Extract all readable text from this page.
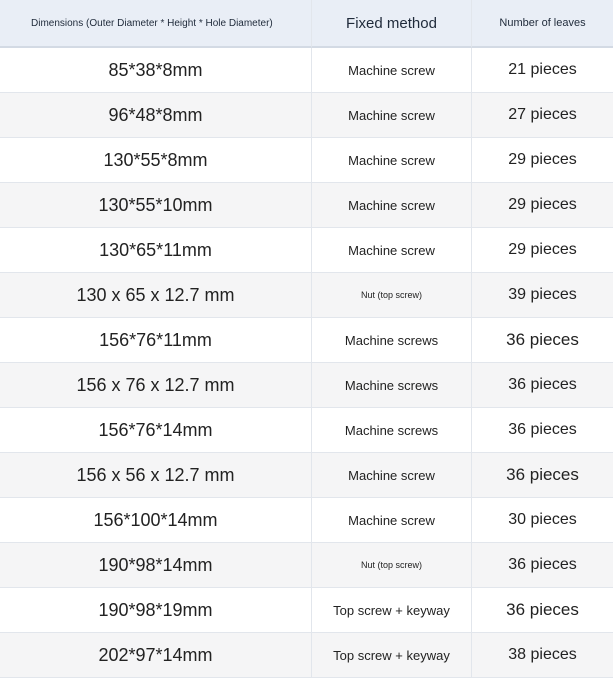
Dimensions (Outer Diameter * Height * Hole Diameter)	Fixed method	Number of leaves
85*38*8mm	Machine screw	21 pieces
96*48*8mm	Machine screw	27 pieces
130*55*8mm	Machine screw	29 pieces
130*55*10mm	Machine screw	29 pieces
130*65*11mm	Machine screw	29 pieces
130 x 65 x 12.7 mm	Nut (top screw)	39 pieces
156*76*11mm	Machine screws	36 pieces
156 x 76 x 12.7 mm	Machine screws	36 pieces
156*76*14mm	Machine screws	36 pieces
156 x 56 x 12.7 mm	Machine screw	36 pieces
156*100*14mm	Machine screw	30 pieces
190*98*14mm	Nut (top screw)	36 pieces
190*98*19mm	Top screw + keyway	36 pieces
202*97*14mm	Top screw + keyway	38 pieces
